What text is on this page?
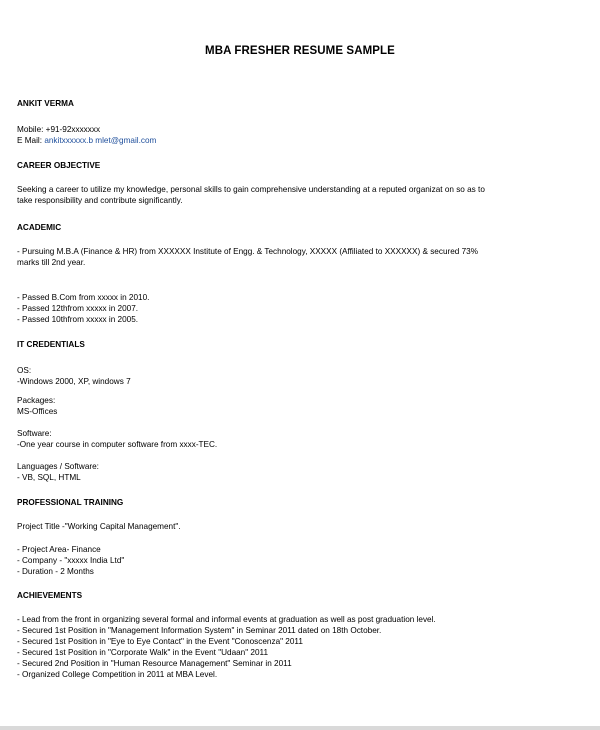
MBA FRESHER RESUME SAMPLE
ANKIT VERMA
Mobile: +91-92xxxxxxx
E Mail: ankitxxxxxx.b mlet@gmail.com
CAREER OBJECTIVE
Seeking a career to utilize my knowledge, personal skills to gain comprehensive understanding at a reputed organizat on so as to
take responsibility and contribute significantly.
ACADEMIC
- Pursuing M.B.A (Finance & HR) from XXXXXX Institute of Engg. & Technology, XXXXX (Affiliated to XXXXXX) & secured 73%
marks till 2nd year.
- Passed B.Com from xxxxx in 2010.
- Passed 12thfrom xxxxx in 2007.
- Passed 10thfrom xxxxx in 2005.
IT CREDENTIALS
OS:
-Windows 2000, XP, windows 7
Packages:
MS-Offices
Software:
-One year course in computer software from xxxx-TEC.
Languages / Software:
- VB, SQL, HTML
PROFESSIONAL TRAINING
Project Title -"Working Capital Management".
- Project Area- Finance
- Company - "xxxxx India Ltd"
- Duration - 2 Months
ACHIEVEMENTS
- Lead from the front in organizing several formal and informal events at graduation as well as post graduation level.
- Secured 1st Position in "Management Information System" in Seminar 2011 dated on 18th October.
- Secured 1st Position in "Eye to Eye Contact" in the Event "Conoscenza" 2011
- Secured 1st Position in "Corporate Walk" in the Event "Udaan" 2011
- Secured 2nd Position in "Human Resource Management" Seminar in 2011
- Organized College Competition in 2011 at MBA Level.
